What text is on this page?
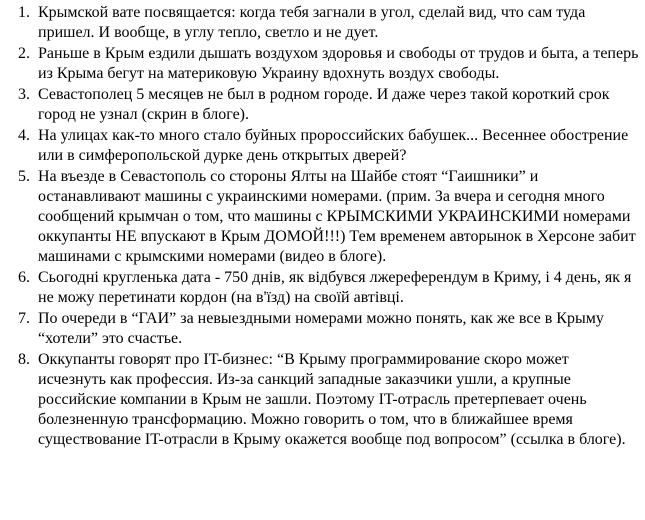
1. Крымской вате посвящается: когда тебя загнали в угол, сделай вид, что сам туда пришел. И вообще, в углу тепло, светло и не дует.
2. Раньше в Крым ездили дышать воздухом здоровья и свободы от трудов и быта, а теперь из Крыма бегут на материковую Украину вдохнуть воздух свободы.
3. Севастополец 5 месяцев не был в родном городе. И даже через такой короткий срок город не узнал (скрин в блоге).
4. На улицах как-то много стало буйных пророссийских бабушек... Весеннее обострение или в симферопольской дурке день открытых дверей?
5. На въезде в Севастополь со стороны Ялты на Шайбе стоят “Гаишники” и останавливают машины с украинскими номерами. (прим. За вчера и сегодня много сообщений крымчан о том, что машины с КРЫМСКИМИ УКРАИНСКИМИ номерами оккупанты НЕ впускают в Крым ДОМОЙ!!!) Тем временем авторынок в Херсоне забит машинами с крымскими номерами (видео в блоге).
6. Сьогодні кругленька дата - 750 днів, як відбувся лжереферендум в Криму, і 4 день, як я не можу перетинати кордон (на в'їзд) на своїй автівці.
7. По очереди в “ГАИ” за невыездными номерами можно понять, как же все в Крыму “хотели” это счастье.
8. Оккупанты говорят про IT-бизнес: “В Крыму программирование скоро может исчезнуть как профессия. Из-за санкций западные заказчики ушли, а крупные российские компании в Крым не зашли. Поэтому IT-отрасль претерпевает очень болезненную трансформацию. Можно говорить о том, что в ближайшее время существование IT-отрасли в Крыму окажется вообще под вопросом” (ссылка в блоге).
